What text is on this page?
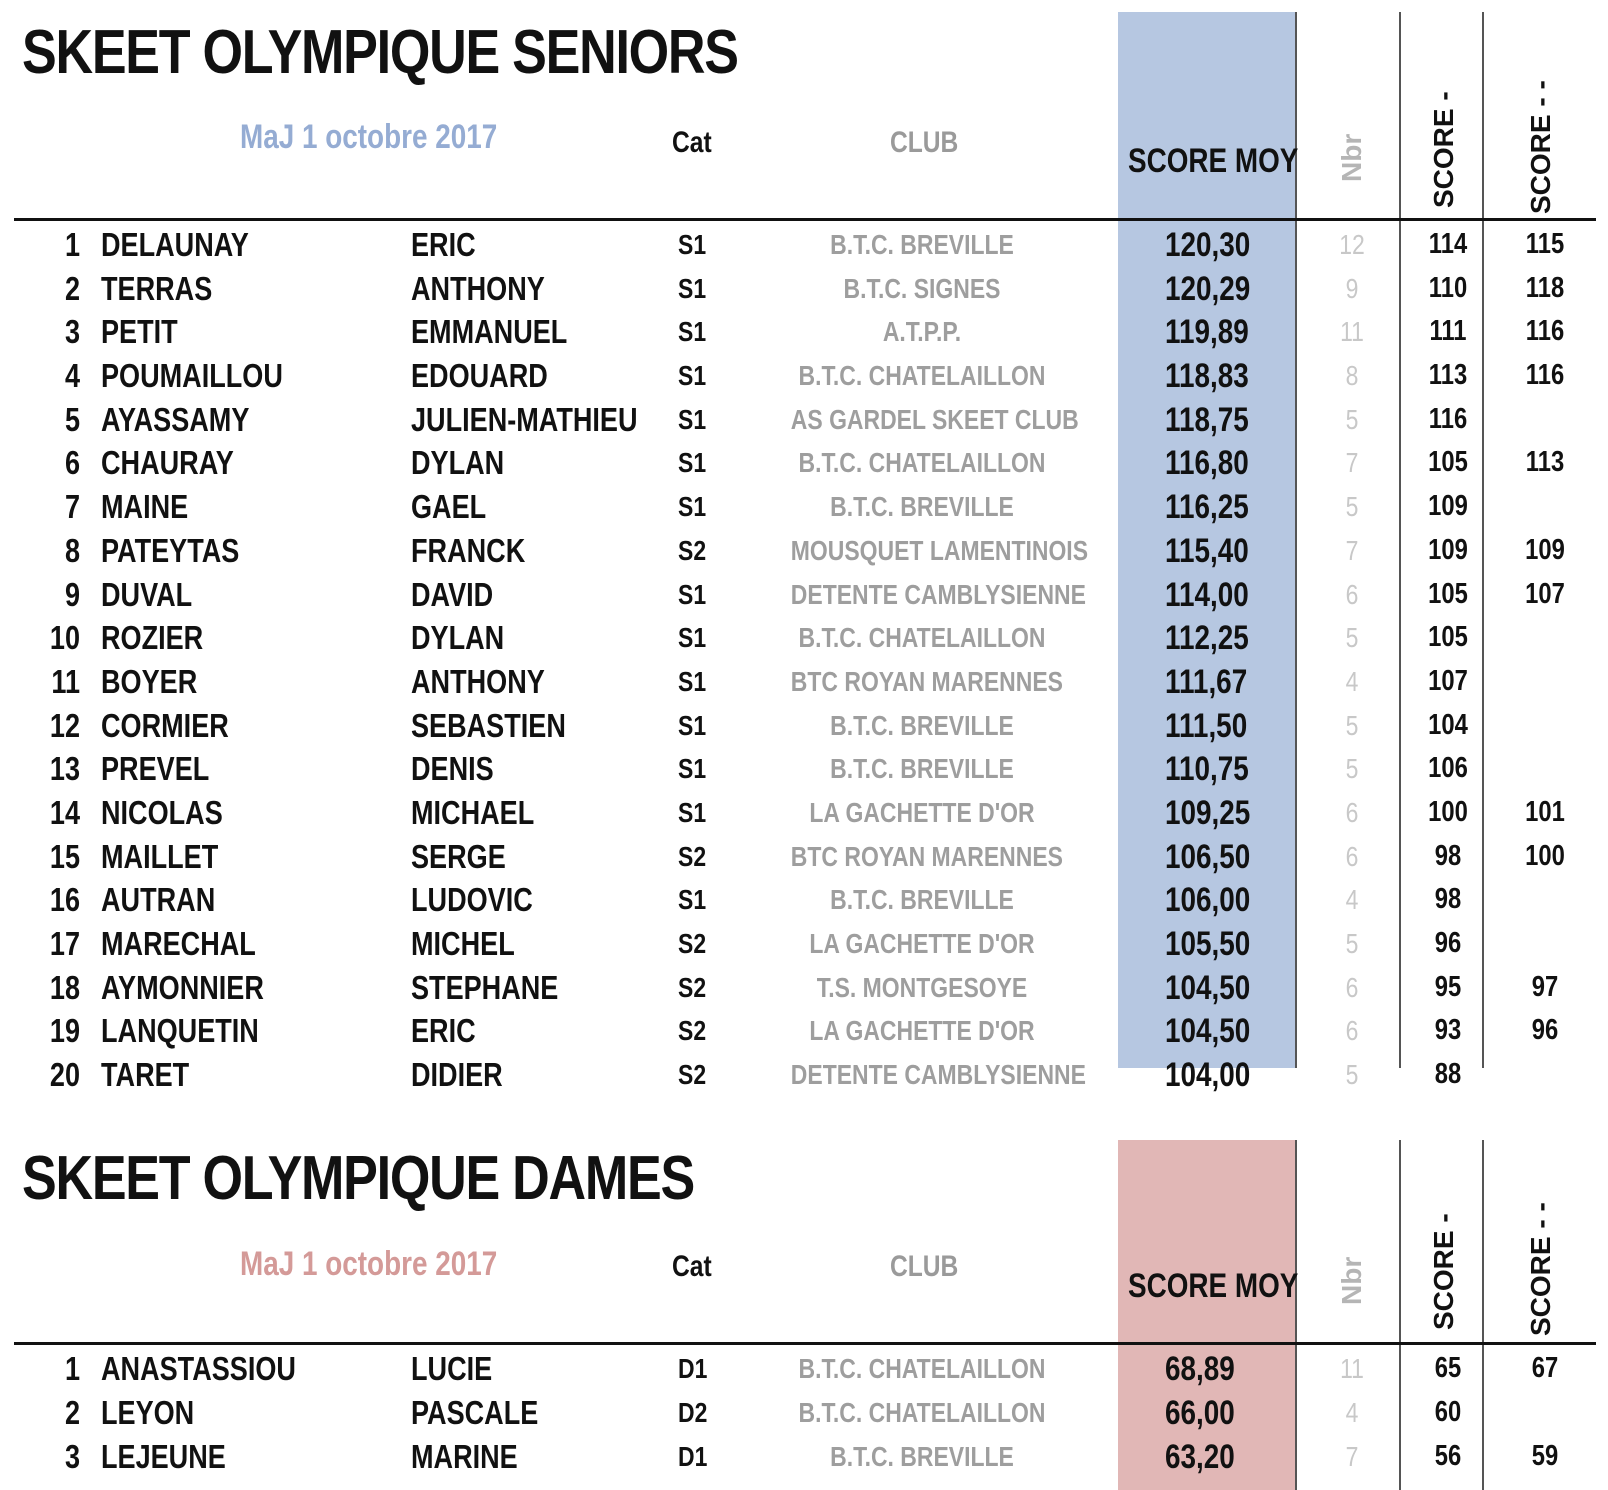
SKEET OLYMPIQUE SENIORS
MaJ 1 octobre 2017	Cat	CLUB	SCORE MOY Nbr SCORE - SCORE - -
1 DELAUNAY	ERIC	S1	B.T.C. BREVILLE	120,30	12 114 115
2 TERRAS	ANTHONY	S1	B.T.C. SIGNES	120,29	9	110 118
3 PETIT	EMMANUEL	S1	A.T.P.P.	119,89	11 111 116
4 POUMAILLOU	EDOUARD	S1	B.T.C. CHATELAILLON	118,83	8	113 116
5 AYASSAMY	JULIEN-MATHIEU S1	AS GARDEL SKEET CLUB	118,75	5	116
6 CHAURAY	DYLAN	S1	B.T.C. CHATELAILLON	116,80	7	105 113
7 MAINE	GAEL	S1	B.T.C. BREVILLE	116,25	5	109
8 PATEYTAS	FRANCK	S2	MOUSQUET LAMENTINOIS 115,40	7	109 109
9 DUVAL	DAVID	S1	DETENTE CAMBLYSIENNE 114,00	6	105 107
10 ROZIER	DYLAN	S1	B.T.C. CHATELAILLON	112,25	5	105
11 BOYER	ANTHONY	S1	BTC ROYAN MARENNES	111,67	4	107
12 CORMIER	SEBASTIEN	S1	B.T.C. BREVILLE	111,50	5	104
13 PREVEL	DENIS	S1	B.T.C. BREVILLE	110,75	5	106
14 NICOLAS	MICHAEL	S1	LA GACHETTE D'OR	109,25	6	100 101
15 MAILLET	SERGE	S2	BTC ROYAN MARENNES	106,50	6	98	100
16 AUTRAN	LUDOVIC	S1	B.T.C. BREVILLE	106,00	4	98
17 MARECHAL	MICHEL	S2	LA GACHETTE D'OR	105,50	5	96
18 AYMONNIER	STEPHANE	S2	T.S. MONTGESOYE	104,50	6	95	97
19 LANQUETIN	ERIC	S2	LA GACHETTE D'OR	104,50	6	93	96
20 TARET	DIDIER	S2	DETENTE CAMBLYSIENNE 104,00	5	88
SKEET OLYMPIQUE DAMES
MaJ 1 octobre 2017	Cat	CLUB
SCORE MOY Nbr SCORE - SCORE - -
1 ANASTASSIOU	LUCIE	D1	B.T.C. CHATELAILLON	68,89	11	65	67
2 LEYON	PASCALE	D2	B.T.C. CHATELAILLON	66,00	4	60
3 LEJEUNE	MARINE	D1	B.T.C. BREVILLE	63,20	7	56	59
